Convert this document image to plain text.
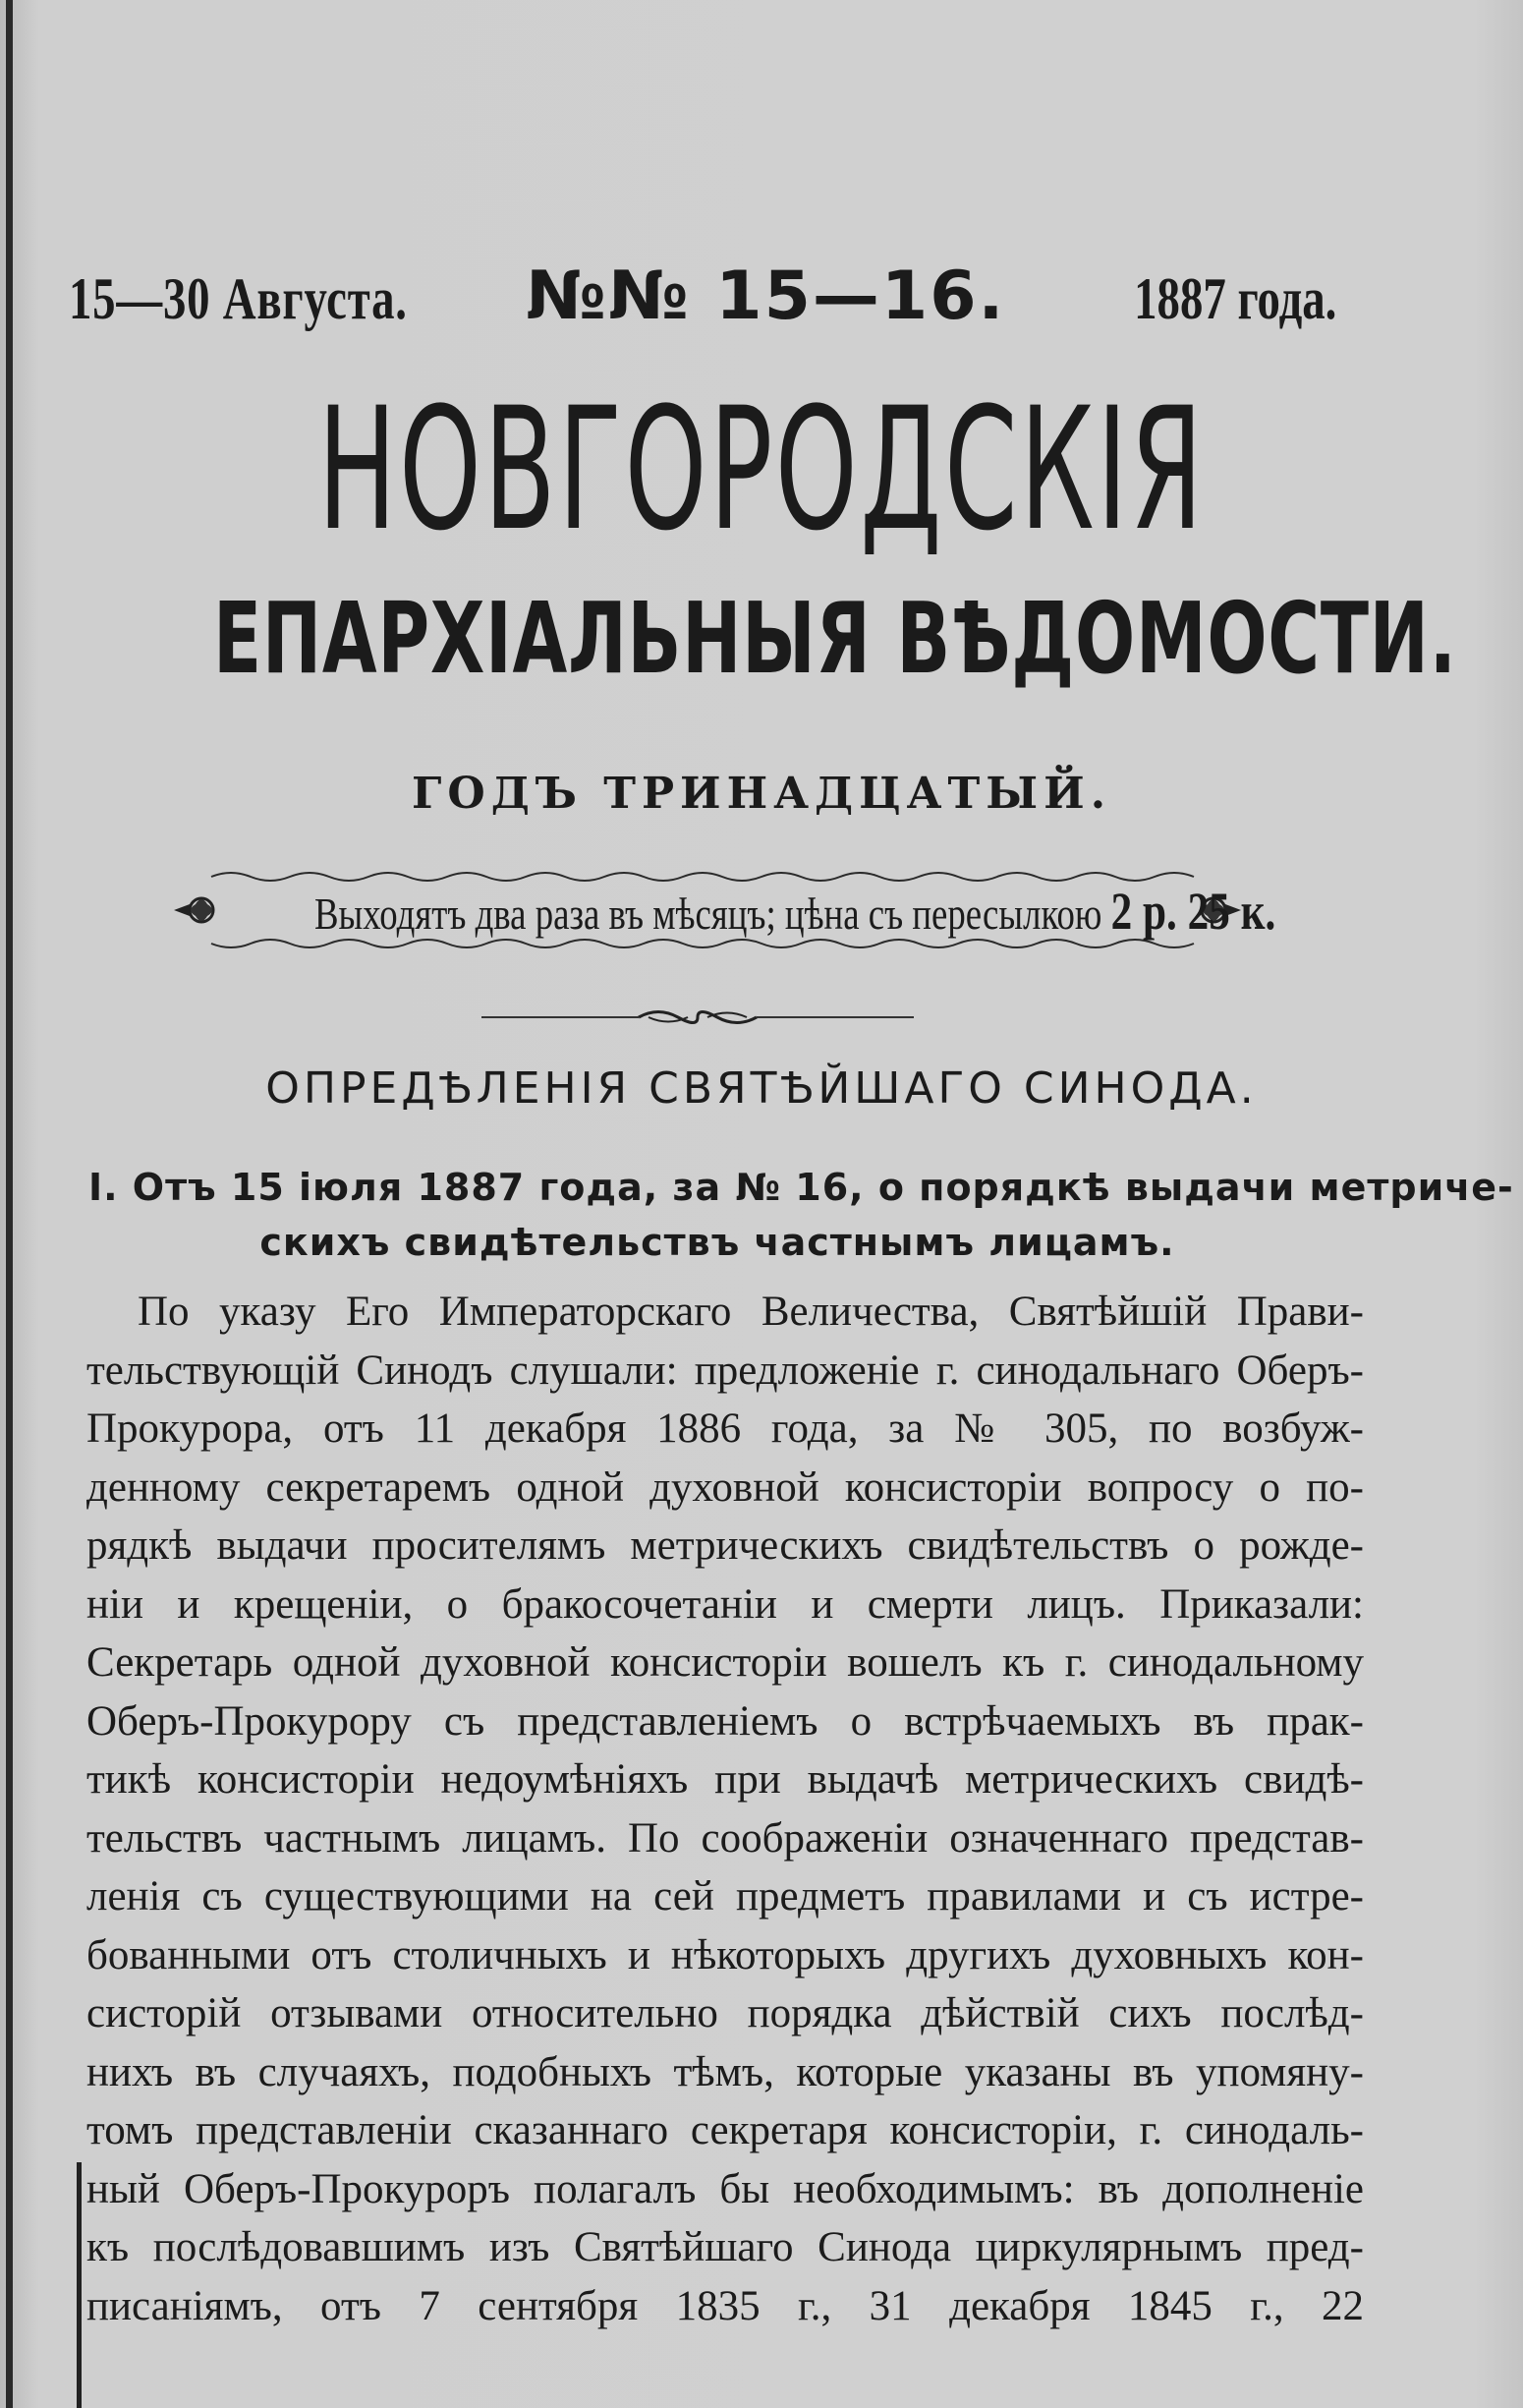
15—30 Августа. №№ 15—16. 1887 года.
НОВГОРОДСКІЯ
ЕПАРХІАЛЬНЫЯ ВѢДОМОСТИ.
ГОДЪ ТРИНАДЦАТЫЙ.
Выходятъ два раза въ мѣсяцъ; цѣна съ пересылкою 2 р. 25 к.
ОПРЕДѢЛЕНІЯ СВЯТѢЙШАГО СИНОДА.
I. Отъ 15 іюля 1887 года, за № 16, о порядкѣ выдачи метриче-
скихъ свидѣтельствъ частнымъ лицамъ.
По указу Его Императорскаго Величества, Святѣйшій Прави-
тельствующій Синодъ слушали: предложеніе г. синодальнаго Оберъ-
Прокурора, отъ 11 декабря 1886 года, за № 305, по возбуж-
денному секретаремъ одной духовной консисторіи вопросу о по-
рядкѣ выдачи просителямъ метрическихъ свидѣтельствъ о рожде-
ніи и крещеніи, о бракосочетаніи и смерти лицъ. Приказали:
Секретарь одной духовной консисторіи вошелъ къ г. синодальному
Оберъ-Прокурору съ представленіемъ о встрѣчаемыхъ въ прак-
тикѣ консисторіи недоумѣніяхъ при выдачѣ метрическихъ свидѣ-
тельствъ частнымъ лицамъ. По соображеніи означеннаго представ-
ленія съ существующими на сей предметъ правилами и съ истре-
бованными отъ столичныхъ и нѣкоторыхъ другихъ духовныхъ кон-
систорій отзывами относительно порядка дѣйствій сихъ послѣд-
нихъ въ случаяхъ, подобныхъ тѣмъ, которые указаны въ упомяну-
томъ представленіи сказаннаго секретаря консисторіи, г. синодаль-
ный Оберъ-Прокуроръ полагалъ бы необходимымъ: въ дополненіе
къ послѣдовавшимъ изъ Святѣйшаго Синода циркулярнымъ пред-
писаніямъ, отъ 7 сентября 1835 г., 31 декабря 1845 г., 22
